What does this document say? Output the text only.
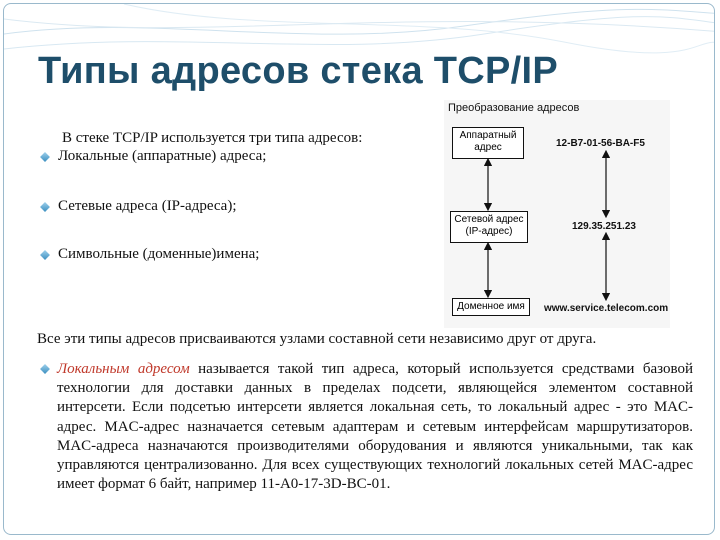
Типы адресов стека TCP/IP
В стеке TCP/IP используется три типа адресов:
Локальные (аппаратные) адреса;
Сетевые адреса (IP-адреса);
Символьные (доменные)имена;
Преобразование адресов
Аппаратный
адрес	12-B7-01-56-BA-F5
Сетевой адрес
(IP-адрес)	129.35.251.23
Доменное имя	www.service.telecom.com
Все эти типы адресов присваиваются узлами составной сети независимо друг от друга.

Локальным адресом называется такой тип адреса, который используется средствами базовой технологии для доставки данных в пределах подсети, являющейся элементом составной интерсети. Если подсетью интерсети является локальная сеть, то локальный адрес - это MAC-адрес. MAC-адрес назначается сетевым адаптерам и сетевым интерфейсам маршрутизаторов. MAC-адреса назначаются производителями оборудования и являются уникальными, так как управляются централизованно. Для всех существующих технологий локальных сетей MAC-адрес имеет формат 6 байт, например 11-A0-17-3D-BC-01.
